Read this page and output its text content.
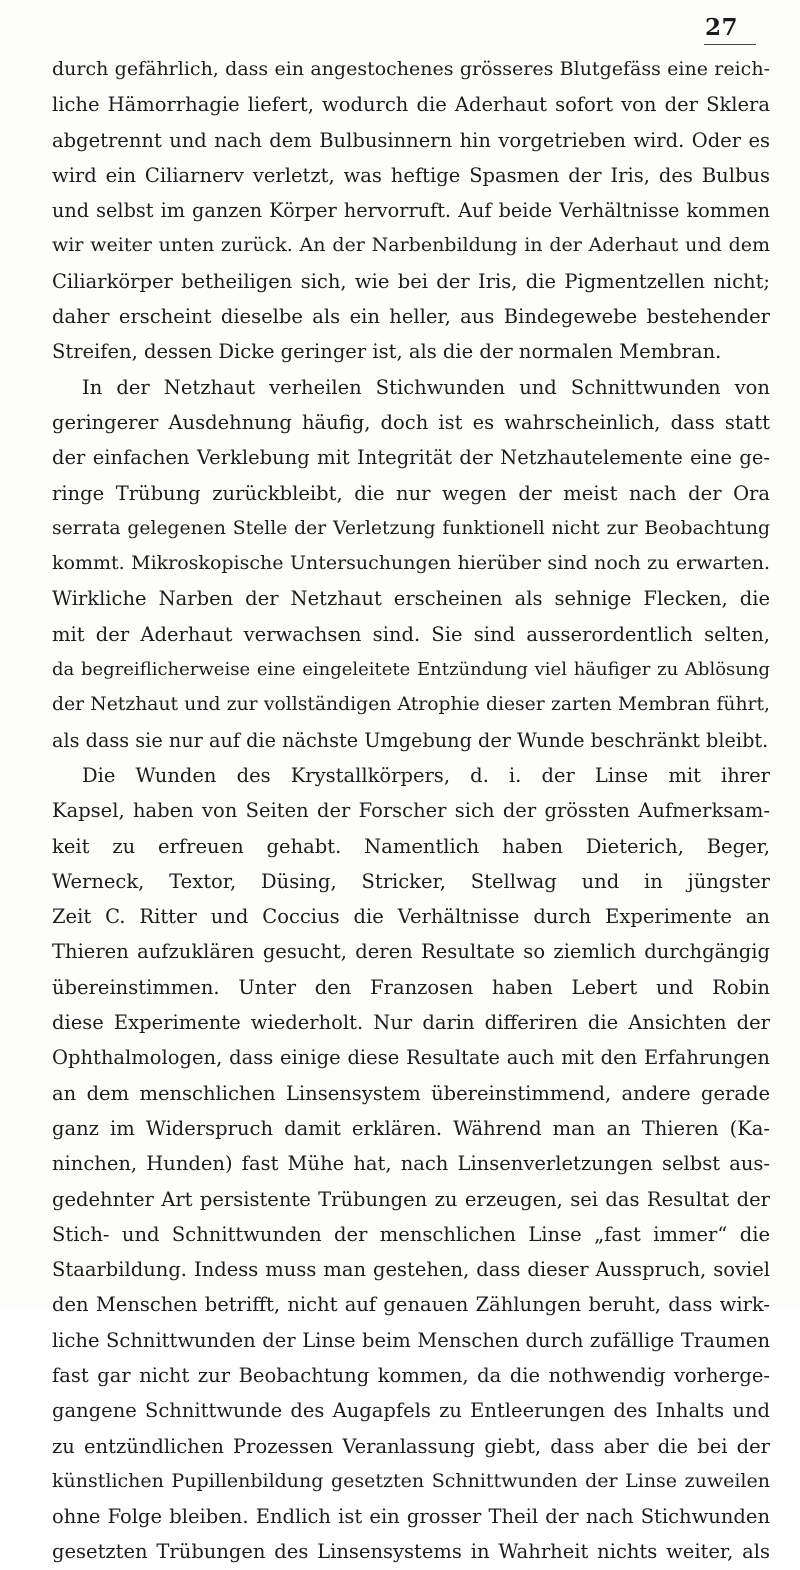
27
durch gefährlich, dass ein angestochenes grösseres Blutgefäss eine reich-
liche Hämorrhagie liefert, wodurch die Aderhaut sofort von der Sklera
abgetrennt und nach dem Bulbusinnern hin vorgetrieben wird. Oder es
wird ein Ciliarnerv verletzt, was heftige Spasmen der Iris, des Bulbus
und selbst im ganzen Körper hervorruft. Auf beide Verhältnisse kommen
wir weiter unten zurück. An der Narbenbildung in der Aderhaut und dem
Ciliarkörper betheiligen sich, wie bei der Iris, die Pigmentzellen nicht;
daher erscheint dieselbe als ein heller, aus Bindegewebe bestehender
Streifen, dessen Dicke geringer ist, als die der normalen Membran.
In der Netzhaut verheilen Stichwunden und Schnittwunden von
geringerer Ausdehnung häufig, doch ist es wahrscheinlich, dass statt
der einfachen Verklebung mit Integrität der Netzhautelemente eine ge-
ringe Trübung zurückbleibt, die nur wegen der meist nach der Ora
serrata gelegenen Stelle der Verletzung funktionell nicht zur Beobachtung
kommt. Mikroskopische Untersuchungen hierüber sind noch zu erwarten.
Wirkliche Narben der Netzhaut erscheinen als sehnige Flecken, die
mit der Aderhaut verwachsen sind. Sie sind ausserordentlich selten,
da begreiflicherweise eine eingeleitete Entzündung viel häufiger zu Ablösung
der Netzhaut und zur vollständigen Atrophie dieser zarten Membran führt,
als dass sie nur auf die nächste Umgebung der Wunde beschränkt bleibt.
Die Wunden des Krystallkörpers, d. i. der Linse mit ihrer
Kapsel, haben von Seiten der Forscher sich der grössten Aufmerksam-
keit zu erfreuen gehabt. Namentlich haben Dieterich, Beger,
Werneck, Textor, Düsing, Stricker, Stellwag und in jüngster
Zeit C. Ritter und Coccius die Verhältnisse durch Experimente an
Thieren aufzuklären gesucht, deren Resultate so ziemlich durchgängig
übereinstimmen. Unter den Franzosen haben Lebert und Robin
diese Experimente wiederholt. Nur darin differiren die Ansichten der
Ophthalmologen, dass einige diese Resultate auch mit den Erfahrungen
an dem menschlichen Linsensystem übereinstimmend, andere gerade
ganz im Widerspruch damit erklären. Während man an Thieren (Ka-
ninchen, Hunden) fast Mühe hat, nach Linsenverletzungen selbst aus-
gedehnter Art persistente Trübungen zu erzeugen, sei das Resultat der
Stich- und Schnittwunden der menschlichen Linse „fast immer“ die
Staarbildung. Indess muss man gestehen, dass dieser Ausspruch, soviel
den Menschen betrifft, nicht auf genauen Zählungen beruht, dass wirk-
liche Schnittwunden der Linse beim Menschen durch zufällige Traumen
fast gar nicht zur Beobachtung kommen, da die nothwendig vorherge-
gangene Schnittwunde des Augapfels zu Entleerungen des Inhalts und
zu entzündlichen Prozessen Veranlassung giebt, dass aber die bei der
künstlichen Pupillenbildung gesetzten Schnittwunden der Linse zuweilen
ohne Folge bleiben. Endlich ist ein grosser Theil der nach Stichwunden
gesetzten Trübungen des Linsensystems in Wahrheit nichts weiter, als
